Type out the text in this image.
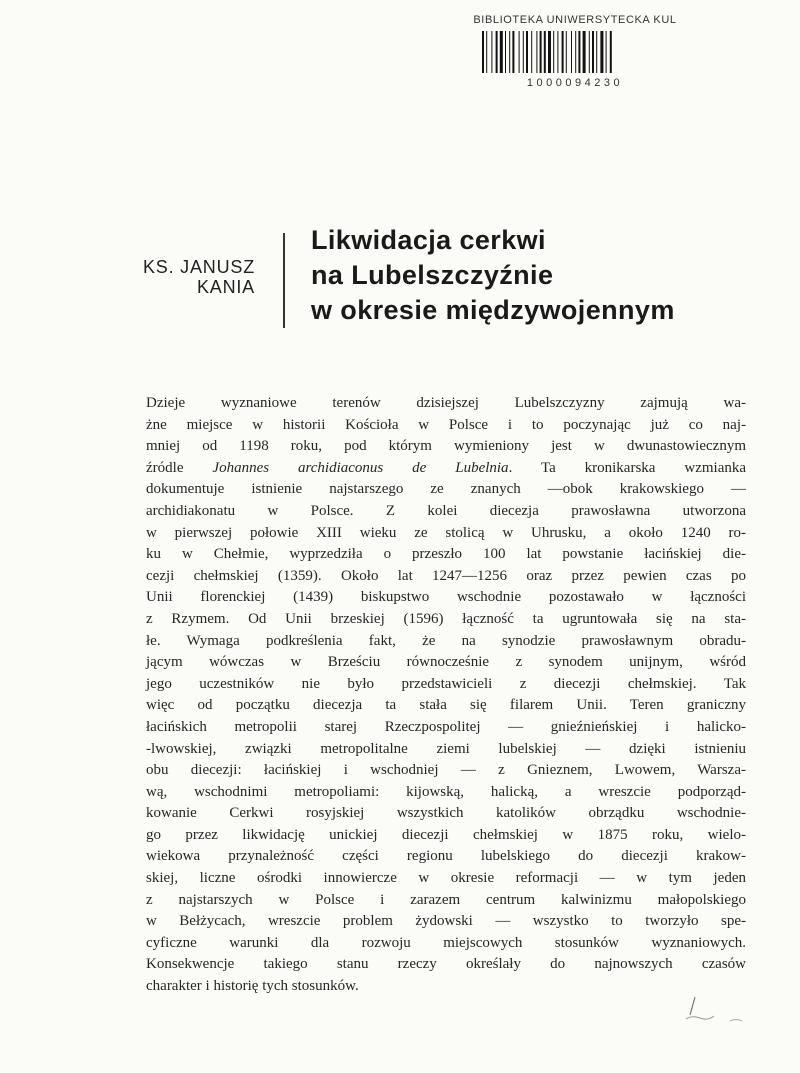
BIBLIOTEKA UNIWERSYTECKA KUL
1000094230
KS. JANUSZ
KANIA
Likwidacja cerkwi
na Lubelszczyźnie
w okresie międzywojennym
Dzieje wyznaniowe terenów dzisiejszej Lubelszczyzny zajmują wa-
żne miejsce w historii Kościoła w Polsce i to poczynając już co naj-
mniej od 1198 roku, pod którym wymieniony jest w dwunastowiecznym
źródle Johannes archidiaconus de Lubelnia. Ta kronikarska wzmianka
dokumentuje istnienie najstarszego ze znanych —obok krakowskiego —
archidiakonatu w Polsce. Z kolei diecezja prawosławna utworzona
w pierwszej połowie XIII wieku ze stolicą w Uhrusku, a około 1240 ro-
ku w Chełmie, wyprzedziła o przeszło 100 lat powstanie łacińskiej die-
cezji chełmskiej (1359). Około lat 1247—1256 oraz przez pewien czas po
Unii florenckiej (1439) biskupstwo wschodnie pozostawało w łączności
z Rzymem. Od Unii brzeskiej (1596) łączność ta ugruntowała się na sta-
łe. Wymaga podkreślenia fakt, że na synodzie prawosławnym obradu-
jącym wówczas w Brześciu równocześnie z synodem unijnym, wśród
jego uczestników nie było przedstawicieli z diecezji chełmskiej. Tak
więc od początku diecezja ta stała się filarem Unii. Teren graniczny
łacińskich metropolii starej Rzeczpospolitej — gnieźnieńskiej i halicko-
-lwowskiej, związki metropolitalne ziemi lubelskiej — dzięki istnieniu
obu diecezji: łacińskiej i wschodniej — z Gnieznem, Lwowem, Warsza-
wą, wschodnimi metropoliami: kijowską, halicką, a wreszcie podporząd-
kowanie Cerkwi rosyjskiej wszystkich katolików obrządku wschodnie-
go przez likwidację unickiej diecezji chełmskiej w 1875 roku, wielo-
wiekowa przynależność części regionu lubelskiego do diecezji krakow-
skiej, liczne ośrodki innowiercze w okresie reformacji — w tym jeden
z najstarszych w Polsce i zarazem centrum kalwinizmu małopolskiego
w Bełżycach, wreszcie problem żydowski — wszystko to tworzyło spe-
cyficzne warunki dla rozwoju miejscowych stosunków wyznaniowych.
Konsekwencje takiego stanu rzeczy określały do najnowszych czasów
charakter i historię tych stosunków.
